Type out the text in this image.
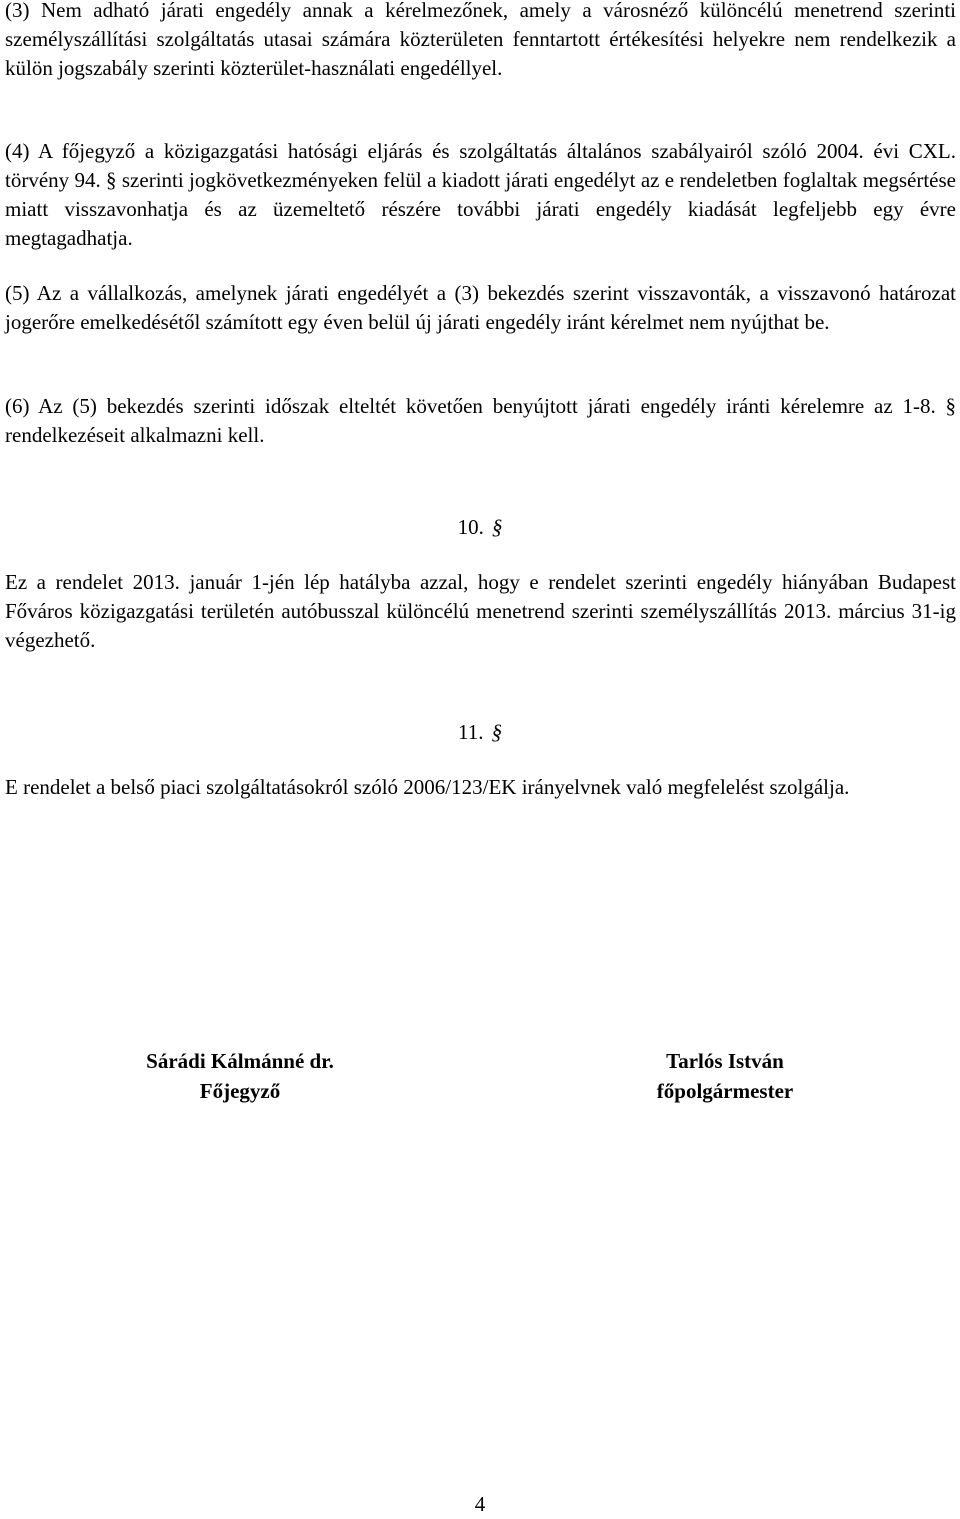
(3) Nem adható járati engedély annak a kérelmezőnek, amely a városnéző különcélú menetrend szerinti személyszállítási szolgáltatás utasai számára közterületen fenntartott értékesítési helyekre nem rendelkezik a külön jogszabály szerinti közterület-használati engedéllyel.

(4) A főjegyző a közigazgatási hatósági eljárás és szolgáltatás általános szabályairól szóló 2004. évi CXL. törvény 94. § szerinti jogkövetkezményeken felül a kiadott járati engedélyt az e rendeletben foglaltak megsértése miatt visszavonhatja és az üzemeltető részére további járati engedély kiadását legfeljebb egy évre megtagadhatja.

(5) Az a vállalkozás, amelynek járati engedélyét a (3) bekezdés szerint visszavonták, a visszavonó határozat jogerőre emelkedésétől számított egy éven belül új járati engedély iránt kérelmet nem nyújthat be.

(6) Az (5) bekezdés szerinti időszak elteltét követően benyújtott járati engedély iránti kérelemre az 1-8. § rendelkezéseit alkalmazni kell.

10. §

Ez a rendelet 2013. január 1-jén lép hatályba azzal, hogy e rendelet szerinti engedély hiányában Budapest Főváros közigazgatási területén autóbusszal különcélú menetrend szerinti személyszállítás 2013. március 31-ig végezhető.

11. §

E rendelet a belső piaci szolgáltatásokról szóló 2006/123/EK irányelvnek való megfelelést szolgálja.

Sárádi Kálmánné dr.
Főjegyző
Tarlós István
főpolgármester
4
